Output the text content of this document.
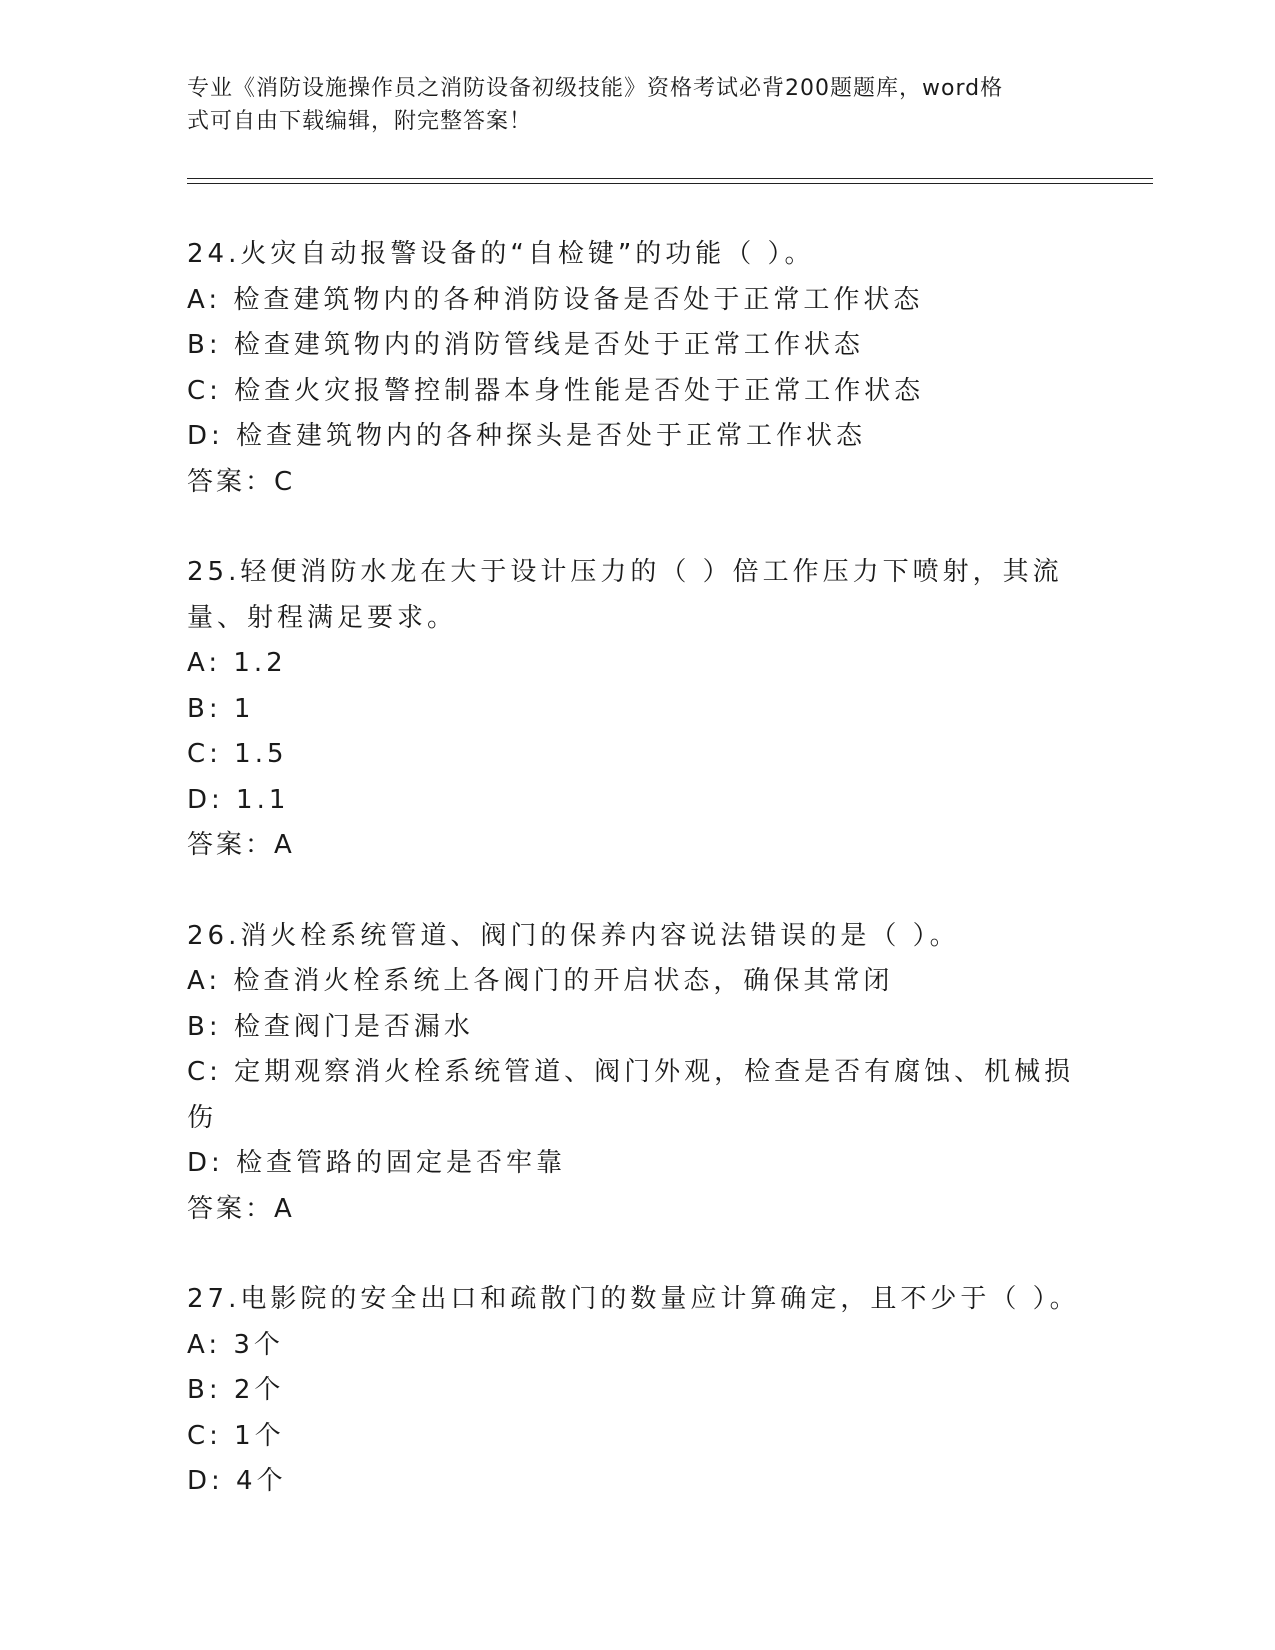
专业《消防设施操作员之消防设备初级技能》资格考试必背200题题库，word格
式可自由下载编辑，附完整答案！
24.火灾自动报警设备的“自检键”的功能（ ）。
A: 检查建筑物内的各种消防设备是否处于正常工作状态
B: 检查建筑物内的消防管线是否处于正常工作状态
C: 检查火灾报警控制器本身性能是否处于正常工作状态
D: 检查建筑物内的各种探头是否处于正常工作状态
答案：C
25.轻便消防水龙在大于设计压力的（ ）倍工作压力下喷射，其流量、射程满足要求。
A: 1.2
B: 1
C: 1.5
D: 1.1
答案：A
26.消火栓系统管道、阀门的保养内容说法错误的是（ ）。
A: 检查消火栓系统上各阀门的开启状态，确保其常闭
B: 检查阀门是否漏水
C: 定期观察消火栓系统管道、阀门外观，检查是否有腐蚀、机械损伤
D: 检查管路的固定是否牢靠
答案：A
27.电影院的安全出口和疏散门的数量应计算确定，且不少于（ ）。
A: 3个
B: 2个
C: 1个
D: 4个
